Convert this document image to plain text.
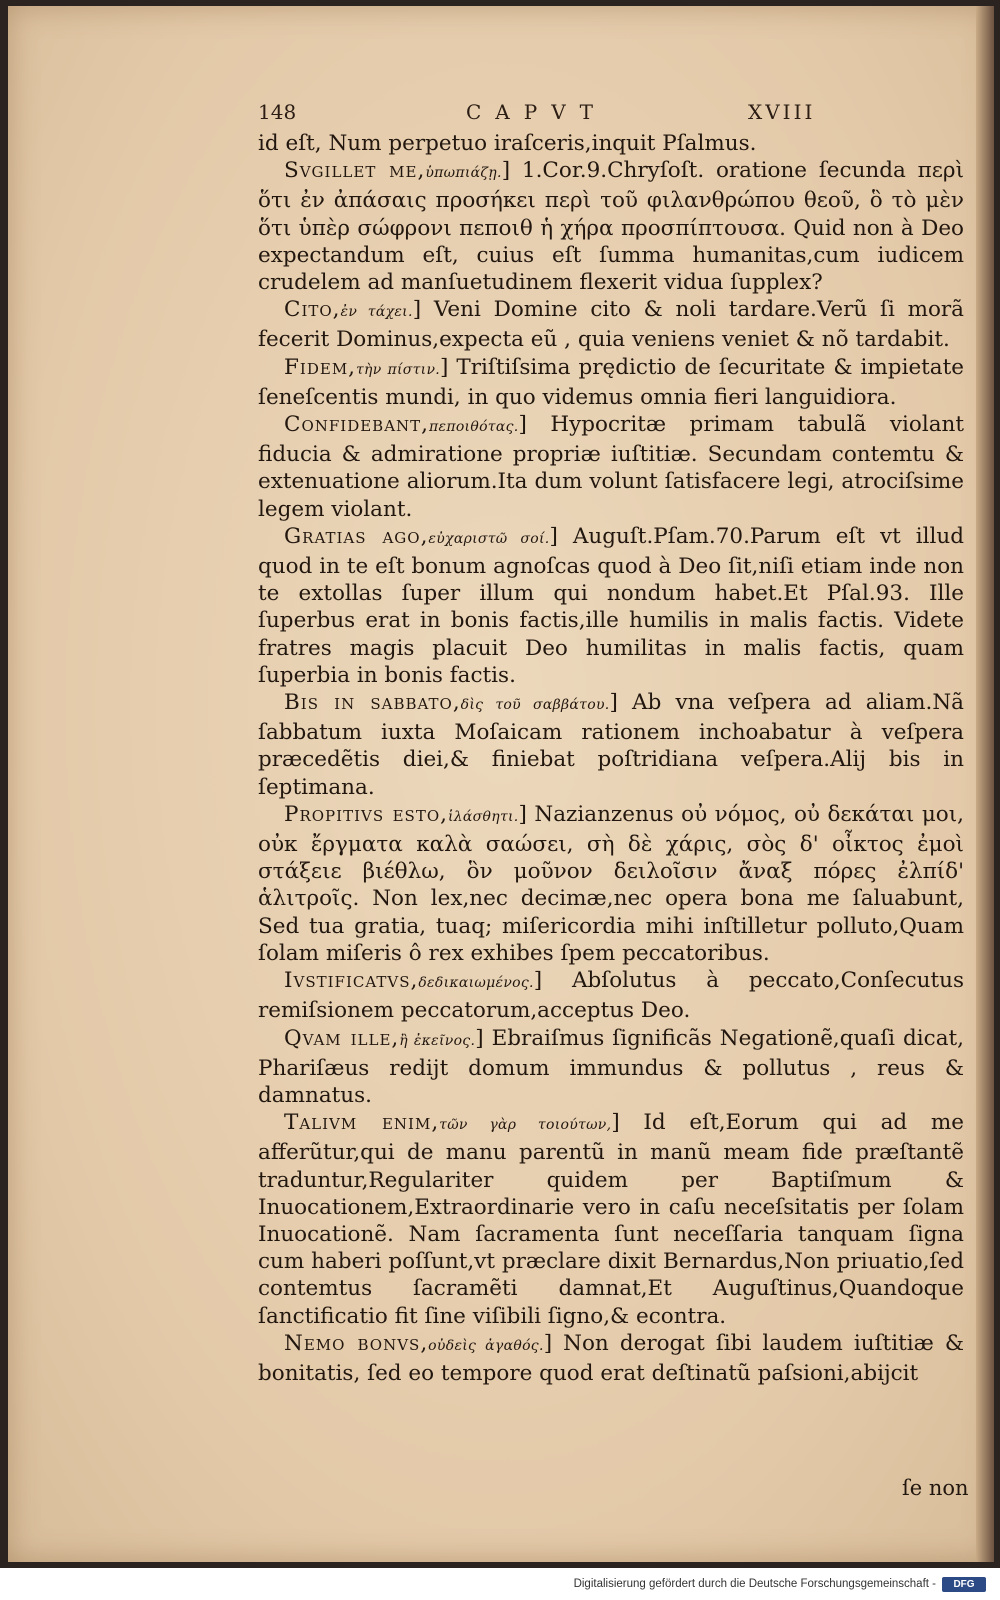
148	CAPVT	XVIII

id eſt, Num perpetuo iraſceris,inquit Pſalmus.

Svgillet me,ὑπωπιάζῃ.] 1.Cor.9.Chryſoſt. oratione ſecunda περὶ ὅτι ἐν ἀπάσαις προσήκει περὶ τοῦ φιλανθρώπου θεοῦ, ὃ τὸ μὲν ὅτι ὑπὲρ σώφρονι πεποιθ ἡ χήρα προσπίπτουσα. Quid non à Deo expectandum eſt, cuius eſt ſumma humanitas,cum iudicem crudelem ad manſuetudinem flexerit vidua ſupplex?

Cito,ἐν τάχει.] Veni Domine cito & noli tardare.Verũ ſi morã fecerit Dominus,expecta eũ , quia veniens veniet & nõ tardabit.

Fidem,τὴν πίστιν.] Triſtiſsima prędictio de ſecuritate & impietate ſeneſcentis mundi, in quo videmus omnia fieri languidiora.

Confidebant,πεποιθότας.] Hypocritæ primam tabulã violant fiducia & admiratione propriæ iuſtitiæ. Secundam contemtu & extenuatione aliorum.Ita dum volunt ſatisfacere legi, atrociſsime legem violant.

Gratias ago,εὐχαριστῶ σοί.] Auguſt.Pſam.70.Parum eſt vt illud quod in te eſt bonum agnoſcas quod à Deo ſit,niſi etiam inde non te extollas ſuper illum qui nondum habet.Et Pſal.93. Ille ſuperbus erat in bonis factis,ille humilis in malis factis. Videte fratres magis placuit Deo humilitas in malis factis, quam ſuperbia in bonis factis.

Bis in sabbato,δὶς τοῦ σαββάτου.] Ab vna veſpera ad aliam.Nã ſabbatum iuxta Moſaicam rationem inchoabatur à veſpera præcedẽtis diei,& finiebat poſtridiana veſpera.Alij bis in ſeptimana.

Propitivs esto,ἱλάσθητι.] Nazianzenus οὐ νόμος, οὐ δεκάται μοι, οὐκ ἔργματα καλὰ σαώσει, σὴ δὲ χάρις, σὸς δ' οἶκτος ἐμοὶ στάξειε βιέθλω, ὃν μοῦνον δειλοῖσιν ἄναξ πόρες ἐλπίδ' ἁλιτροῖς. Non lex,nec decimæ,nec opera bona me ſaluabunt, Sed tua gratia, tuaq; miſericordia mihi inſtilletur polluto,Quam ſolam miſeris ô rex exhibes ſpem peccatoribus.

Ivstificatvs,δεδικαιωμένος.] Abſolutus à peccato,Conſecutus remiſsionem peccatorum,acceptus Deo.

Qvam ille,ἢ ἐκεῖνος.] Ebraiſmus ſignificãs Negationẽ,quaſi dicat, Phariſæus redijt domum immundus & pollutus , reus & damnatus.

Talivm enim,τῶν γὰρ τοιούτων,] Id eſt,Eorum qui ad me afferũtur,qui de manu parentũ in manũ meam fide præſtantẽ traduntur,Regulariter quidem per Baptiſmum & Inuocationem,Extraordinarie vero in caſu neceſsitatis per ſolam Inuocationẽ. Nam ſacramenta ſunt neceſſaria tanquam ſigna cum haberi poſſunt,vt præclare dixit Bernardus,Non priuatio,ſed contemtus ſacramẽti damnat,Et Auguſtinus,Quandoque ſanctificatio fit ſine viſibili ſigno,& econtra.

Nemo bonvs,οὐδεὶς ἀγαθός.] Non derogat ſibi laudem iuſtitiæ & bonitatis, ſed eo tempore quod erat deſtinatũ paſsioni,abijcit

ſe non
Digitalisierung gefördert durch die Deutsche Forschungsgemeinschaft -	DFG
